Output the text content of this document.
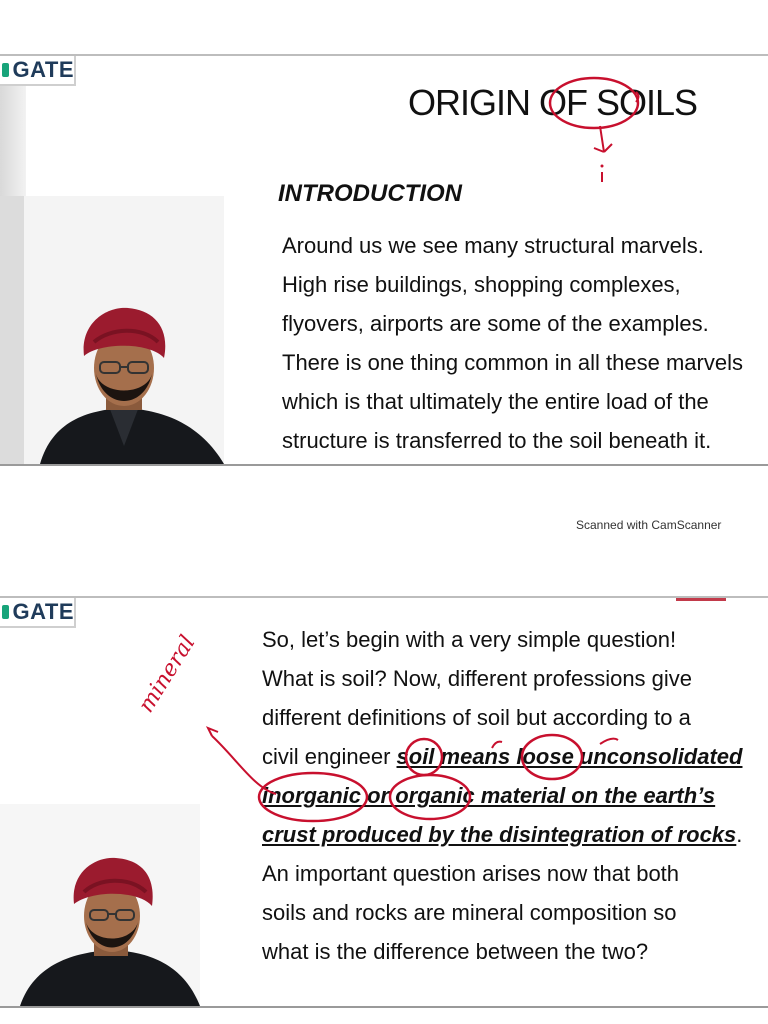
GATE
ORIGIN OF SOILS
INTRODUCTION
Around us we see many structural marvels.
High rise buildings, shopping complexes,
flyovers, airports are some of the examples.
There is one thing common in all these marvels
which is that ultimately the entire load of the
structure is transferred to the soil beneath it.
Scanned with CamScanner
GATE
So, let’s begin with a very simple question!
What is soil? Now, different professions give
different definitions of soil but according to a
civil engineer soil means loose unconsolidated
inorganic or organic material on the earth’s
crust produced by the disintegration of rocks.
An important question arises now that both
soils and rocks are mineral composition so
what is the difference between the two?
mineral
